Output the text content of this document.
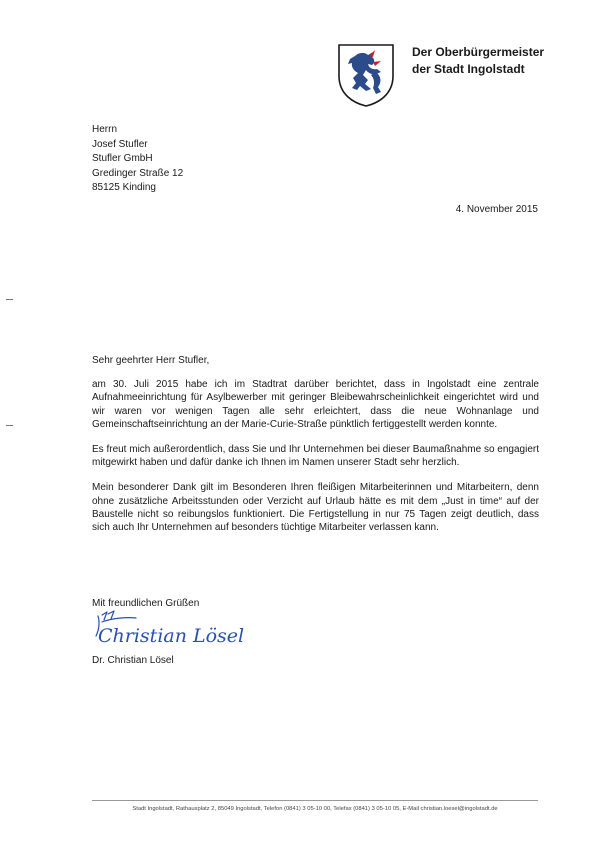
Der Oberbürgermeister
der Stadt Ingolstadt
Herrn
Josef Stufler
Stufler GmbH
Gredinger Straße 12
85125 Kinding
4. November 2015

Sehr geehrter Herr Stufler,

am 30. Juli 2015 habe ich im Stadtrat darüber berichtet, dass in Ingolstadt eine zentrale Aufnahmeeinrichtung für Asylbewerber mit geringer Bleibewahrscheinlichkeit eingerichtet wird und wir waren vor wenigen Tagen alle sehr erleichtert, dass die neue Wohnanlage und Gemeinschaftseinrichtung an der Marie-Curie-Straße pünktlich fertiggestellt werden konnte.

Es freut mich außerordentlich, dass Sie und Ihr Unternehmen bei dieser Baumaßnahme so engagiert mitgewirkt haben und dafür danke ich Ihnen im Namen unserer Stadt sehr herzlich.

Mein besonderer Dank gilt im Besonderen Ihren fleißigen Mitarbeiterinnen und Mitarbeitern, denn ohne zusätzliche Arbeitsstunden oder Verzicht auf Urlaub hätte es mit dem „Just in time“ auf der Baustelle nicht so reibungslos funktioniert. Die Fertigstellung in nur 75 Tagen zeigt deutlich, dass sich auch Ihr Unternehmen auf besonders tüchtige Mitarbeiter verlassen kann.

Mit freundlichen Grüßen
Christian Lösel
Dr. Christian Lösel
Stadt Ingolstadt, Rathausplatz 2, 85049 Ingolstadt, Telefon (0841) 3 05-10 00, Telefax (0841) 3 05-10 05, E-Mail christian.loesel@ingolstadt.de
